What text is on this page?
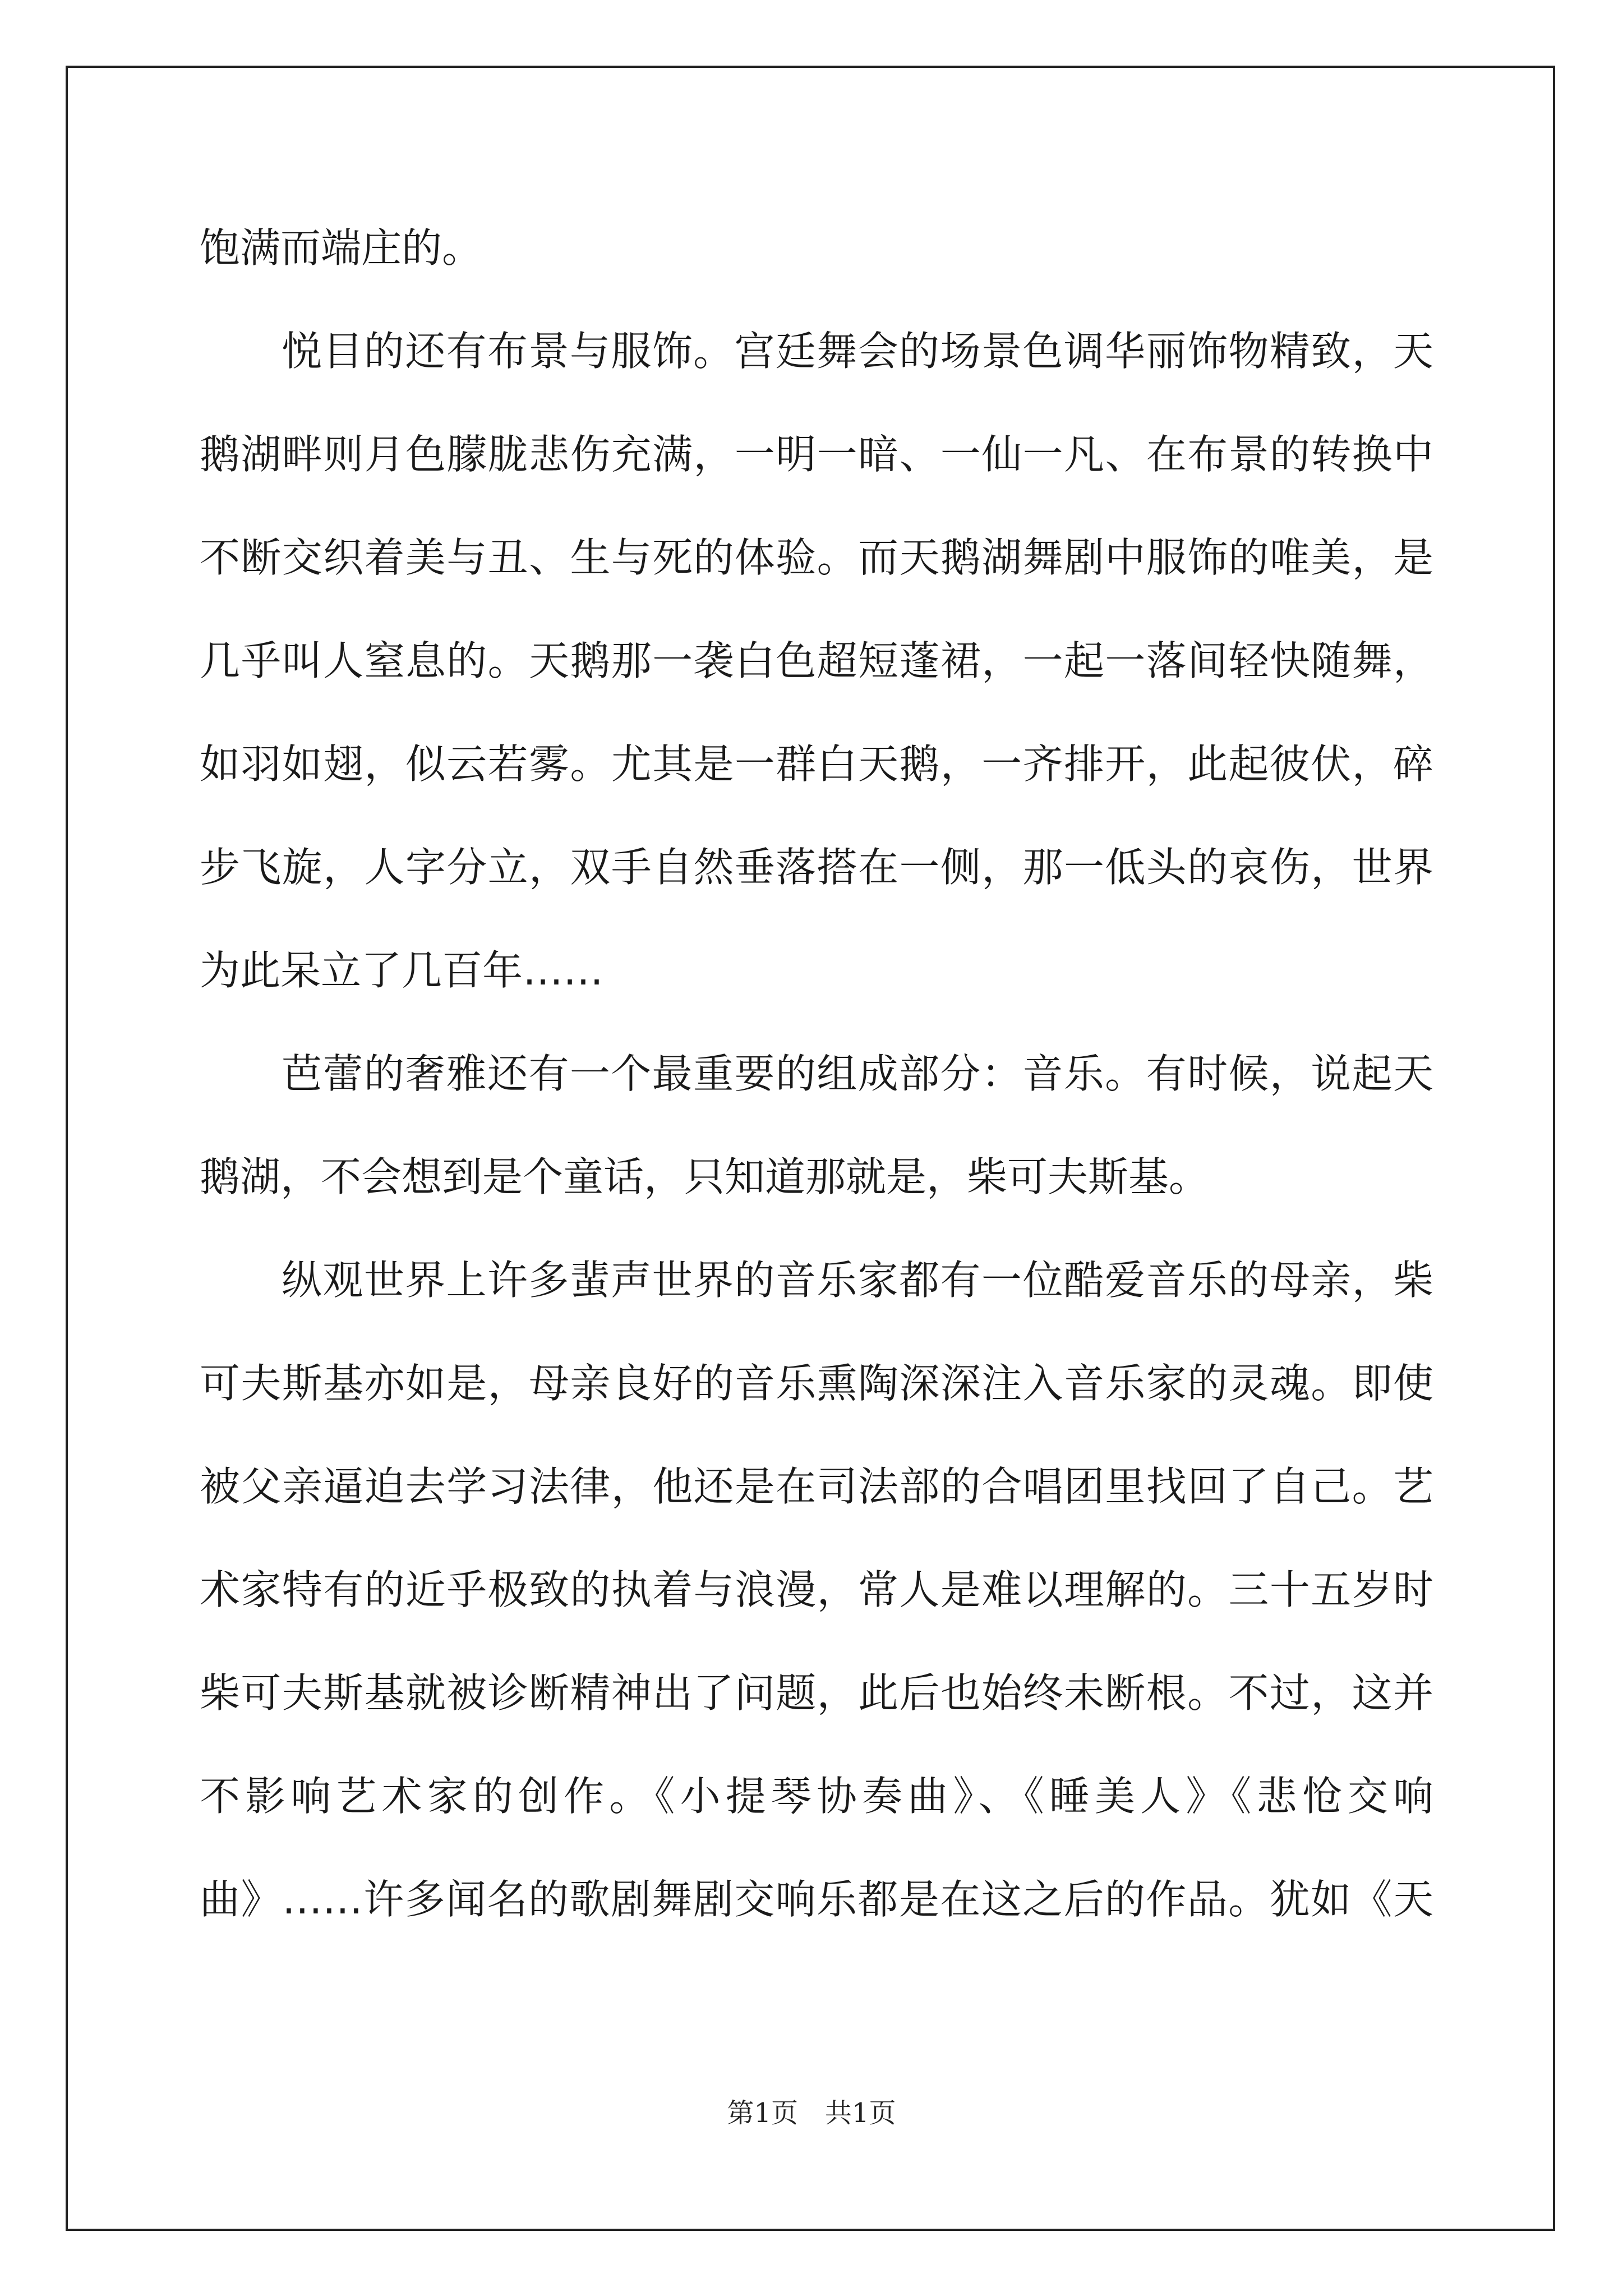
饱满而端庄的。
悦目的还有布景与服饰。宫廷舞会的场景色调华丽饰物精致，天
鹅湖畔则月色朦胧悲伤充满，一明一暗、一仙一凡、在布景的转换中
不断交织着美与丑、生与死的体验。而天鹅湖舞剧中服饰的唯美，是
几乎叫人窒息的。天鹅那一袭白色超短蓬裙，一起一落间轻快随舞，
如羽如翅，似云若雾。尤其是一群白天鹅，一齐排开，此起彼伏，碎
步飞旋，人字分立，双手自然垂落搭在一侧，那一低头的哀伤，世界
为此呆立了几百年……
芭蕾的奢雅还有一个最重要的组成部分：音乐。有时候，说起天
鹅湖，不会想到是个童话，只知道那就是，柴可夫斯基。
纵观世界上许多蜚声世界的音乐家都有一位酷爱音乐的母亲，柴
可夫斯基亦如是，母亲良好的音乐熏陶深深注入音乐家的灵魂。即使
被父亲逼迫去学习法律，他还是在司法部的合唱团里找回了自己。艺
术家特有的近乎极致的执着与浪漫，常人是难以理解的。三十五岁时
柴可夫斯基就被诊断精神出了问题，此后也始终未断根。不过，这并
不影响艺术家的创作。《小提琴协奏曲》、《睡美人》《悲怆交响
曲》……许多闻名的歌剧舞剧交响乐都是在这之后的作品。犹如《天
第1页　共1页
